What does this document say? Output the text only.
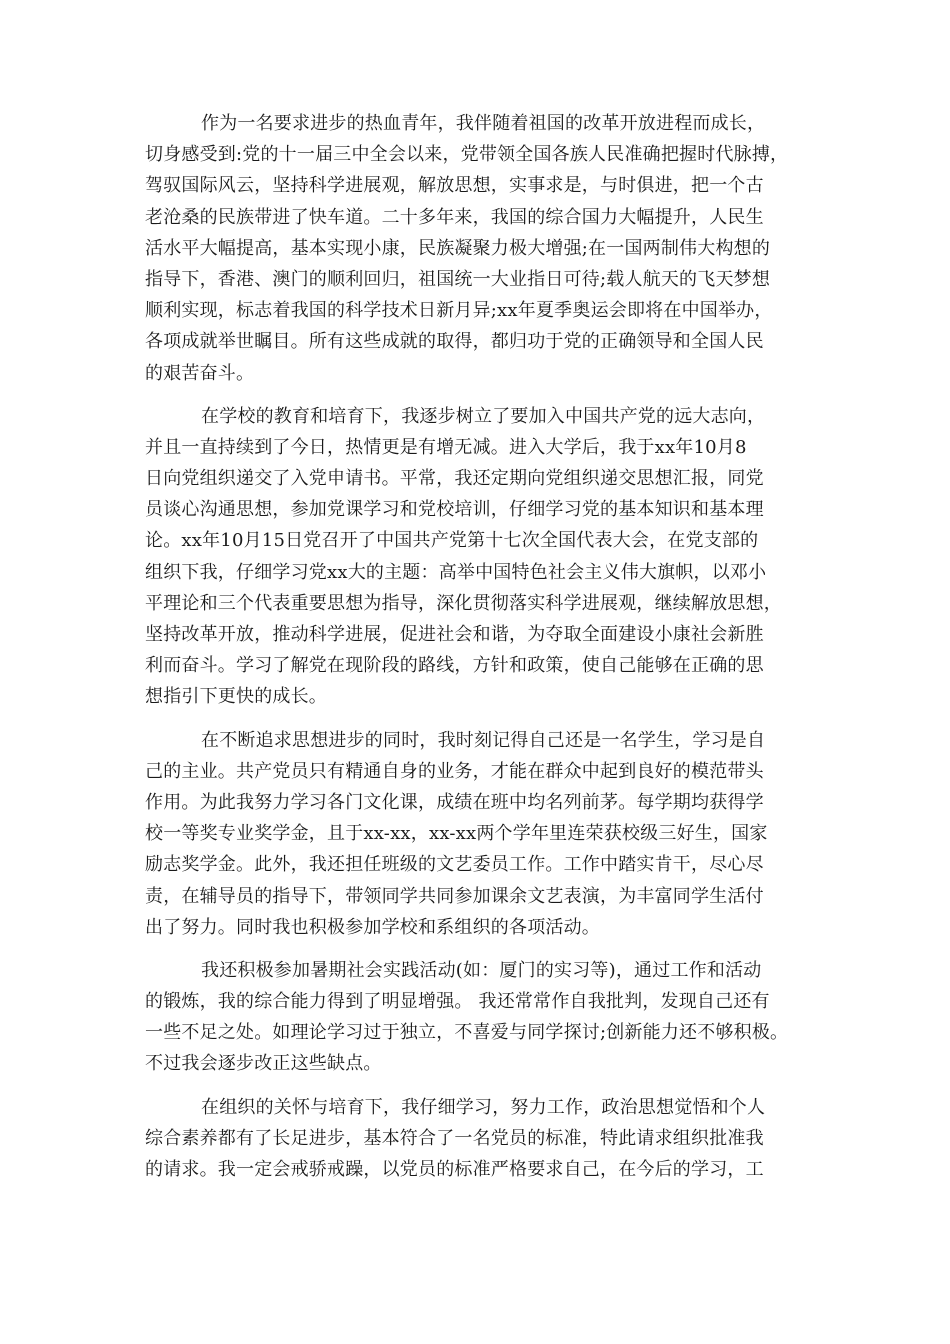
作为一名要求进步的热血青年，我伴随着祖国的改革开放进程而成长，
切身感受到:党的十一届三中全会以来，党带领全国各族人民准确把握时代脉搏，
驾驭国际风云，坚持科学进展观，解放思想，实事求是，与时俱进，把一个古
老沧桑的民族带进了快车道。二十多年来，我国的综合国力大幅提升，人民生
活水平大幅提高，基本实现小康，民族凝聚力极大增强;在一国两制伟大构想的
指导下，香港、澳门的顺利回归，祖国统一大业指日可待;载人航天的飞天梦想
顺利实现，标志着我国的科学技术日新月异;xx年夏季奥运会即将在中国举办，
各项成就举世瞩目。所有这些成就的取得，都归功于党的正确领导和全国人民
的艰苦奋斗。
在学校的教育和培育下，我逐步树立了要加入中国共产党的远大志向，
并且一直持续到了今日，热情更是有增无减。进入大学后，我于xx年10月8
日向党组织递交了入党申请书。平常，我还定期向党组织递交思想汇报，同党
员谈心沟通思想，参加党课学习和党校培训，仔细学习党的基本知识和基本理
论。xx年10月15日党召开了中国共产党第十七次全国代表大会，在党支部的
组织下我，仔细学习党xx大的主题：高举中国特色社会主义伟大旗帜，以邓小
平理论和三个代表重要思想为指导，深化贯彻落实科学进展观，继续解放思想，
坚持改革开放，推动科学进展，促进社会和谐，为夺取全面建设小康社会新胜
利而奋斗。学习了解党在现阶段的路线，方针和政策，使自己能够在正确的思
想指引下更快的成长。
在不断追求思想进步的同时，我时刻记得自己还是一名学生，学习是自
己的主业。共产党员只有精通自身的业务，才能在群众中起到良好的模范带头
作用。为此我努力学习各门文化课，成绩在班中均名列前茅。每学期均获得学
校一等奖专业奖学金，且于xx-xx，xx-xx两个学年里连荣获校级三好生，国家
励志奖学金。此外，我还担任班级的文艺委员工作。工作中踏实肯干，尽心尽
责，在辅导员的指导下，带领同学共同参加课余文艺表演，为丰富同学生活付
出了努力。同时我也积极参加学校和系组织的各项活动。
我还积极参加暑期社会实践活动(如：厦门的实习等)，通过工作和活动
的锻炼，我的综合能力得到了明显增强。 我还常常作自我批判，发现自己还有
一些不足之处。如理论学习过于独立，不喜爱与同学探讨;创新能力还不够积极。
不过我会逐步改正这些缺点。
在组织的关怀与培育下，我仔细学习，努力工作，政治思想觉悟和个人
综合素养都有了长足进步，基本符合了一名党员的标准，特此请求组织批准我
的请求。我一定会戒骄戒躁，以党员的标准严格要求自己，在今后的学习，工
